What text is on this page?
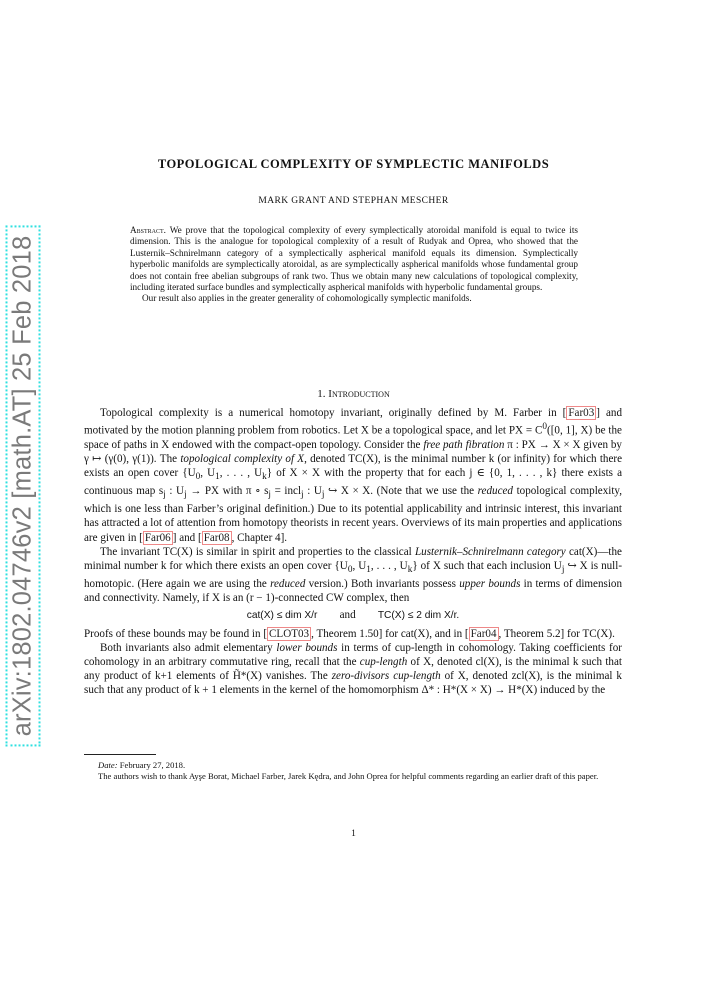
arXiv:1802.04746v2 [math.AT] 25 Feb 2018
TOPOLOGICAL COMPLEXITY OF SYMPLECTIC MANIFOLDS
MARK GRANT AND STEPHAN MESCHER

Abstract. We prove that the topological complexity of every symplectically atoroidal manifold is equal to twice its dimension. This is the analogue for topological complexity of a result of Rudyak and Oprea, who showed that the Lusternik–Schnirelmann category of a symplectically aspherical manifold equals its dimension. Symplectically hyperbolic manifolds are symplectically atoroidal, as are symplectically aspherical manifolds whose fundamental group does not contain free abelian subgroups of rank two. Thus we obtain many new calculations of topological complexity, including iterated surface bundles and symplectically aspherical manifolds with hyperbolic fundamental groups.

Our result also applies in the greater generality of cohomologically symplectic manifolds.

1. Introduction

Topological complexity is a numerical homotopy invariant, originally defined by M. Farber in [ Far03 ] and motivated by the motion planning problem from robotics. Let X be a topological space, and let PX = $C^0([0$, 1], X) be the space of paths in X endowed with the compact-open topology. Consider the free path fibration π : PX → X × X given by γ ↦ (γ(0), γ(1)). The topological complexity of X, denoted TC(X), is the minimal number k (or infinity) for which there exists an open cover {$U_0$, $U_1$, . . . , $U_k$} of X × X with the property that for each j ∈ {0, 1, . . . , k} there exists a continuous map $s_j$ : $U_j$ → PX with π ∘ $s_j$ = incl$_j$ : $U_j$ ↪ X × X. (Note that we use the reduced topological complexity, which is one less than Farber’s original definition.) Due to its potential applicability and intrinsic interest, this invariant has attracted a lot of attention from homotopy theorists in recent years. Overviews of its main properties and applications are given in [ Far06 ] and [ Far08 , Chapter 4].

The invariant TC(X) is similar in spirit and properties to the classical Lusternik–Schnirelmann category cat(X)—the minimal number k for which there exists an open cover {$U_0$, $U_1$, . . . , $U_k$} of X such that each inclusion $U_j$ ↪ X is null-homotopic. (Here again we are using the reduced version.) Both invariants possess upper bounds in terms of dimension and connectivity. Namely, if X is an (r − 1)-connected CW complex, then

cat(X) ≤ dim X/r and TC(X) ≤ 2 dim X/r.

Proofs of these bounds may be found in [ CLOT03 , Theorem 1.50] for cat(X), and in [ Far04 , Theorem 5.2] for TC(X).

Both invariants also admit elementary lower bounds in terms of cup-length in cohomology. Taking coefficients for cohomology in an arbitrary commutative ring, recall that the cup-length of X, denoted cl(X), is the minimal k such that any product of k+1 elements of H̃*(X) vanishes. The zero-divisors cup-length of X, denoted zcl(X), is the minimal k such that any product of k + 1 elements in the kernel of the homomorphism Δ* : H*(X × X) → H*(X) induced by the

Date: February 27, 2018.

The authors wish to thank Ayşe Borat, Michael Farber, Jarek Kędra, and John Oprea for helpful comments regarding an earlier draft of this paper.

1
